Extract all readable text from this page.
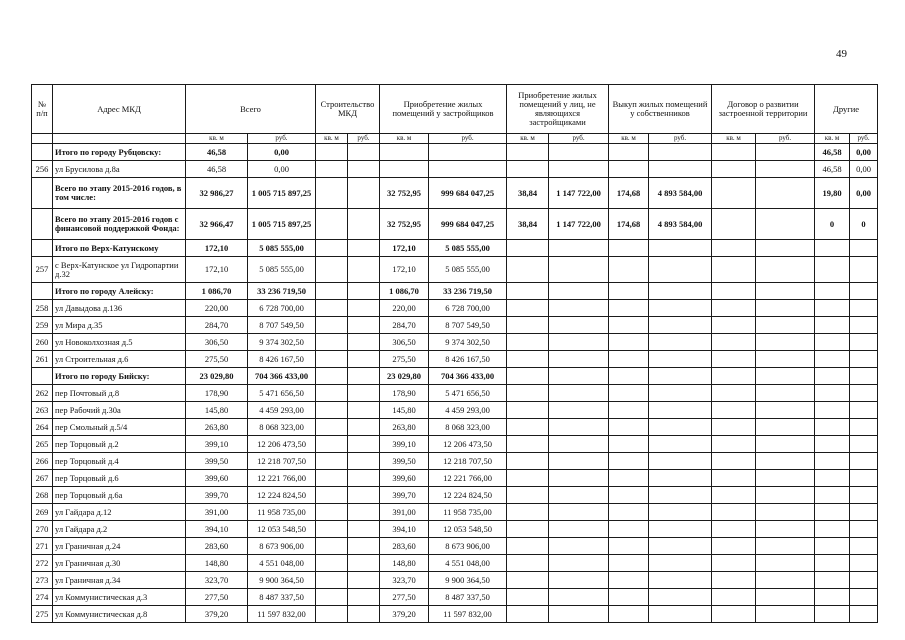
49
№ п/п	Адрес МКД	Всего		Строительство МКД		Приобретение жилых помещений у застройщиков		Приобретение жилых помещений у лиц, не являющихся застройщиками		Выкуп жилых помещений у собственников		Договор о развитии застроенной территории		Другие	
		кв. м	руб.	кв. м	руб.	кв. м	руб.	кв. м	руб.	кв. м	руб.	кв. м	руб.	кв. м	руб.
	Итого по городу Рубцовску:	46,58	0,00											46,58	0,00
256	ул Брусилова д.8а	46,58	0,00											46,58	0,00
	Всего по этапу 2015-2016 годов, в том числе:	32 986,27	1 005 715 897,25			32 752,95	999 684 047,25	38,84	1 147 722,00	174,68	4 893 584,00			19,80	0,00
	Всего по этапу 2015-2016 годов с финансовой поддержкой Фонда:	32 966,47	1 005 715 897,25			32 752,95	999 684 047,25	38,84	1 147 722,00	174,68	4 893 584,00			0	0
	Итого по Верх-Катунскому	172,10	5 085 555,00			172,10	5 085 555,00								
257	с Верх-Катунское ул Гидропартии д.32	172,10	5 085 555,00			172,10	5 085 555,00								
	Итого по городу Алейску:	1 086,70	33 236 719,50			1 086,70	33 236 719,50								
258	ул Давыдова д.136	220,00	6 728 700,00			220,00	6 728 700,00								
259	ул Мира д.35	284,70	8 707 549,50			284,70	8 707 549,50								
260	ул Новоколхозная д.5	306,50	9 374 302,50			306,50	9 374 302,50								
261	ул Строительная д.6	275,50	8 426 167,50			275,50	8 426 167,50								
	Итого по городу Бийску:	23 029,80	704 366 433,00			23 029,80	704 366 433,00								
262	пер Почтовый д.8	178,90	5 471 656,50			178,90	5 471 656,50								
263	пер Рабочий д.30а	145,80	4 459 293,00			145,80	4 459 293,00								
264	пер Смольный д.5/4	263,80	8 068 323,00			263,80	8 068 323,00								
265	пер Торцовый д.2	399,10	12 206 473,50			399,10	12 206 473,50								
266	пер Торцовый д.4	399,50	12 218 707,50			399,50	12 218 707,50								
267	пер Торцовый д.6	399,60	12 221 766,00			399,60	12 221 766,00								
268	пер Торцовый д.6а	399,70	12 224 824,50			399,70	12 224 824,50								
269	ул Гайдара д.12	391,00	11 958 735,00			391,00	11 958 735,00								
270	ул Гайдара д.2	394,10	12 053 548,50			394,10	12 053 548,50								
271	ул Граничная д.24	283,60	8 673 906,00			283,60	8 673 906,00								
272	ул Граничная д.30	148,80	4 551 048,00			148,80	4 551 048,00								
273	ул Граничная д.34	323,70	9 900 364,50			323,70	9 900 364,50								
274	ул Коммунистическая д.3	277,50	8 487 337,50			277,50	8 487 337,50								
275	ул Коммунистическая д.8	379,20	11 597 832,00			379,20	11 597 832,00								
